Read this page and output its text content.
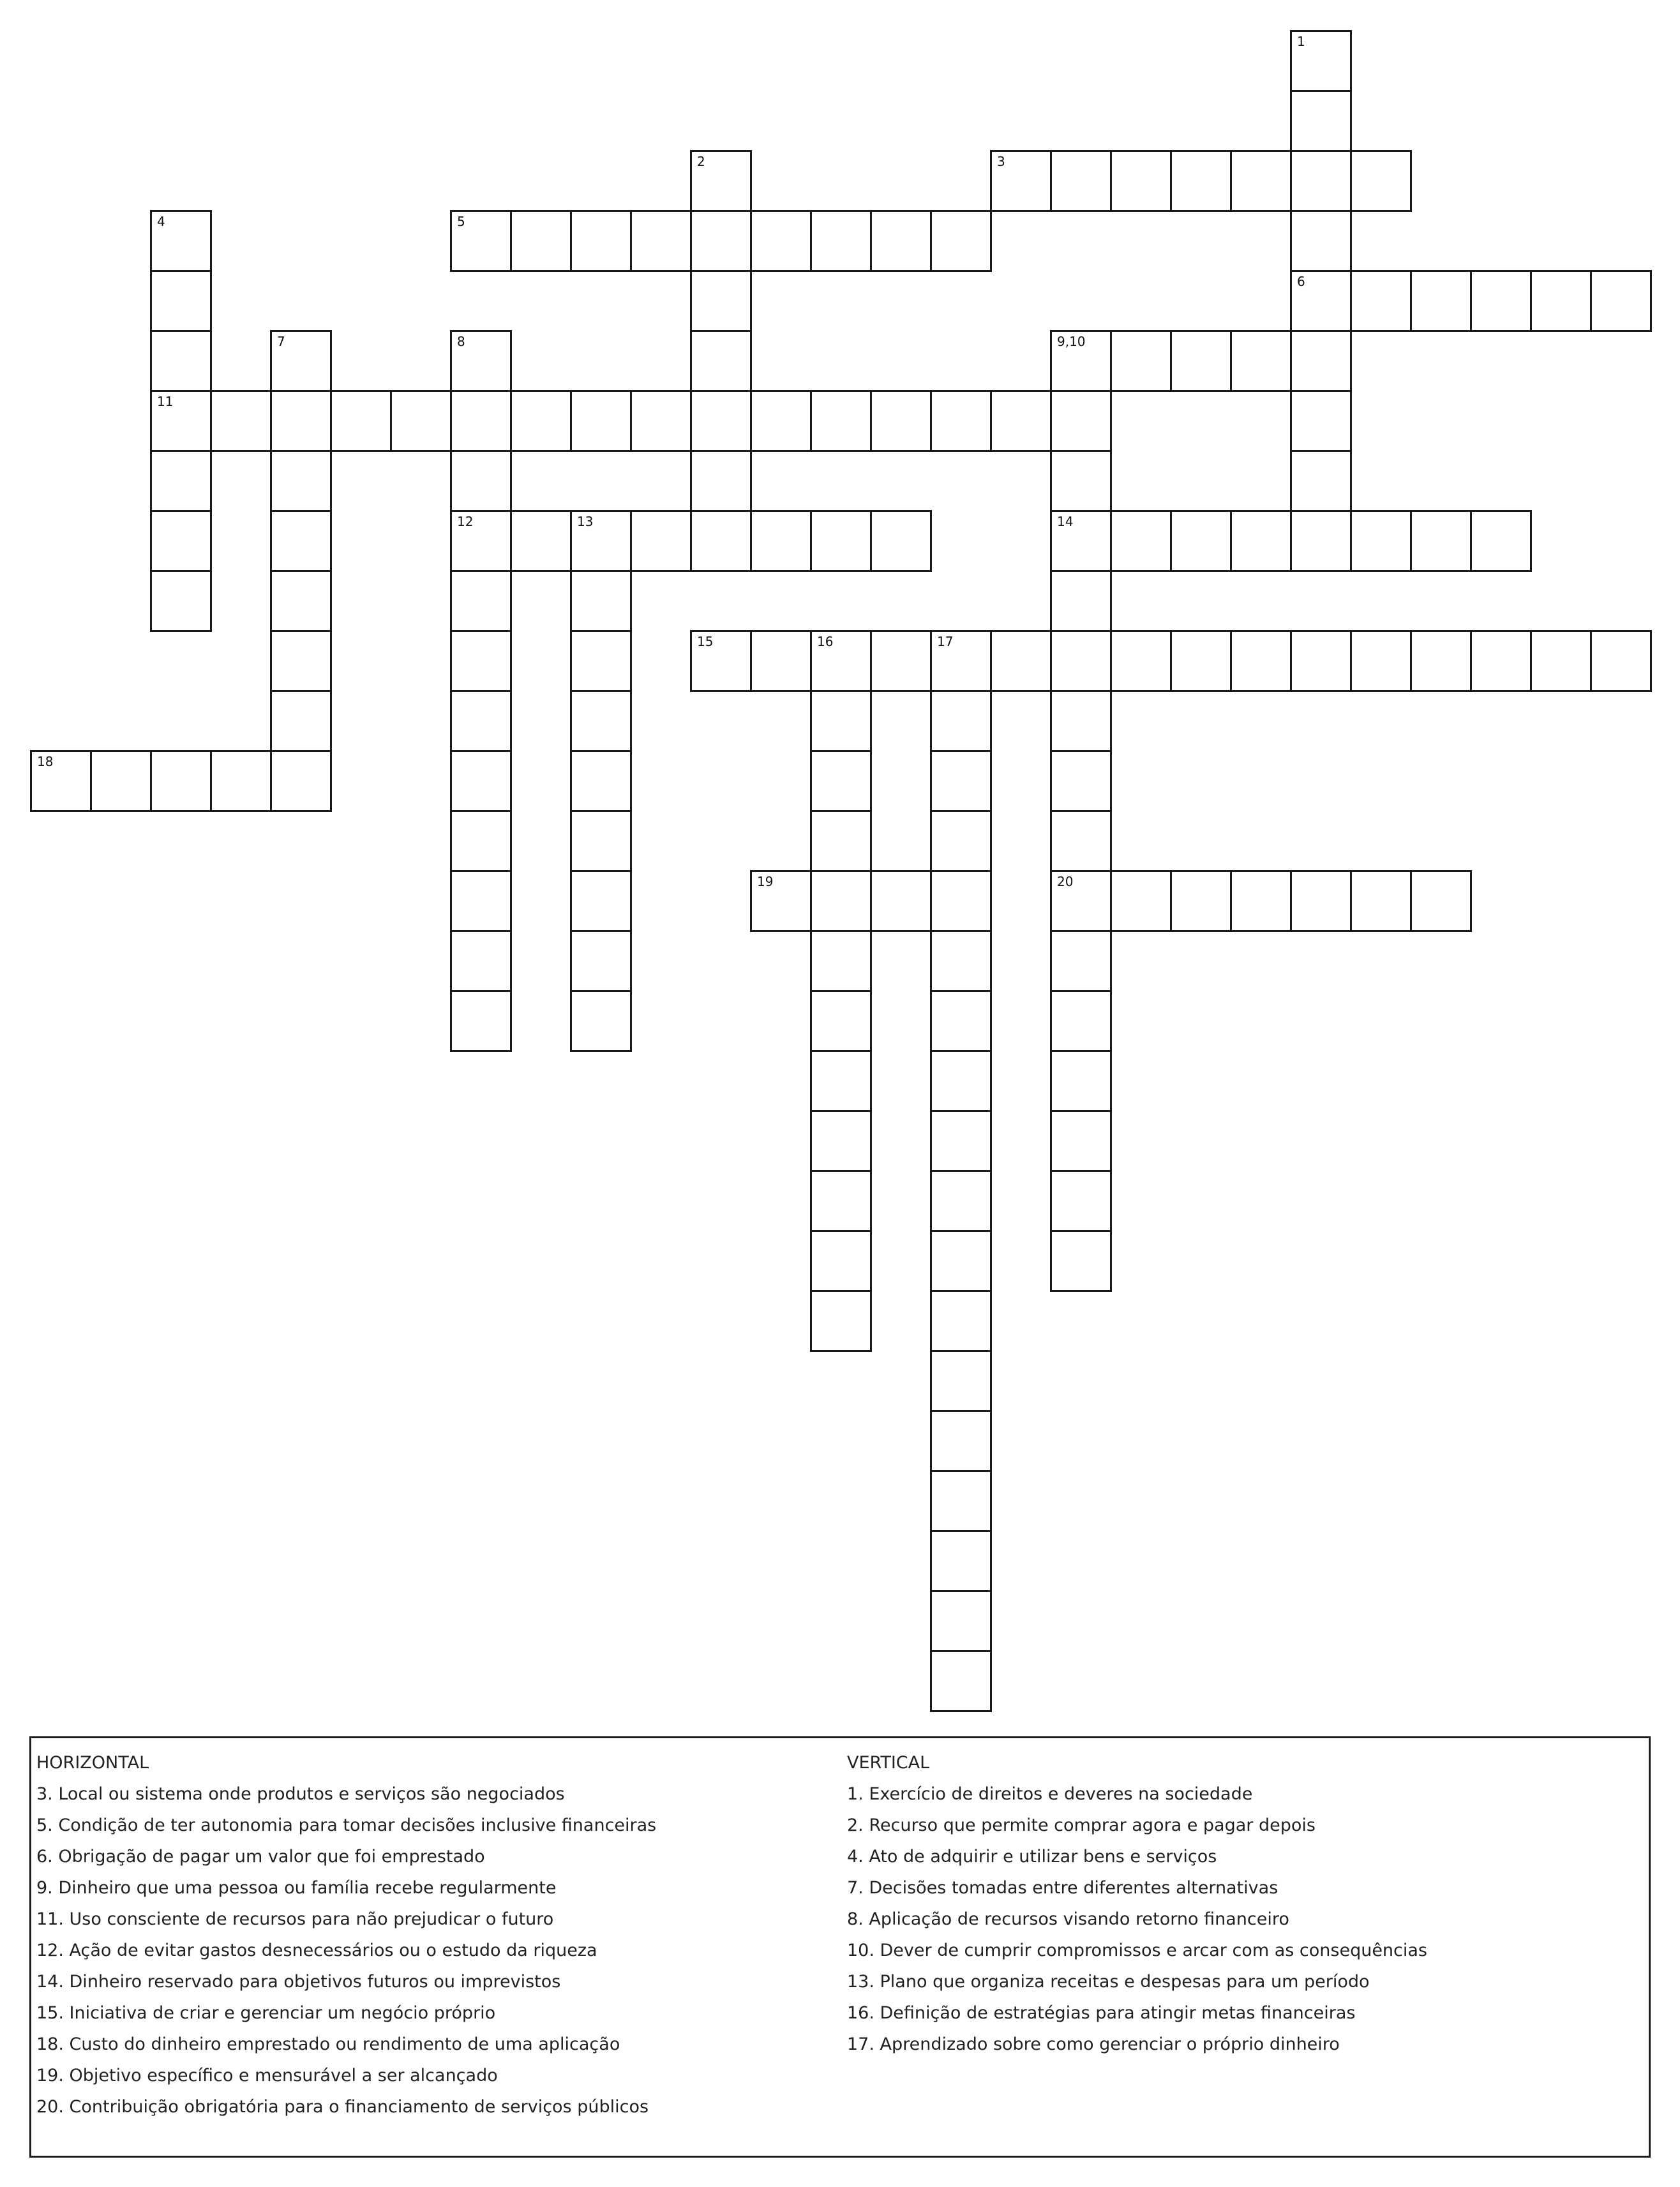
1
6
2	3
4
11
5
7	8
12
9,10
14
20
13
15	16	17
18
19
HORIZONTAL
3. Local ou sistema onde produtos e serviços são negociados
5. Condição de ter autonomia para tomar decisões inclusive financeiras
6. Obrigação de pagar um valor que foi emprestado
9. Dinheiro que uma pessoa ou família recebe regularmente
11. Uso consciente de recursos para não prejudicar o futuro
12. Ação de evitar gastos desnecessários ou o estudo da riqueza
14. Dinheiro reservado para objetivos futuros ou imprevistos
15. Iniciativa de criar e gerenciar um negócio próprio
18. Custo do dinheiro emprestado ou rendimento de uma aplicação
19. Objetivo específico e mensurável a ser alcançado
20. Contribuição obrigatória para o financiamento de serviços públicos
VERTICAL
1. Exercício de direitos e deveres na sociedade
2. Recurso que permite comprar agora e pagar depois
4. Ato de adquirir e utilizar bens e serviços
7. Decisões tomadas entre diferentes alternativas
8. Aplicação de recursos visando retorno financeiro
10. Dever de cumprir compromissos e arcar com as consequências
13. Plano que organiza receitas e despesas para um período
16. Definição de estratégias para atingir metas financeiras
17. Aprendizado sobre como gerenciar o próprio dinheiro
